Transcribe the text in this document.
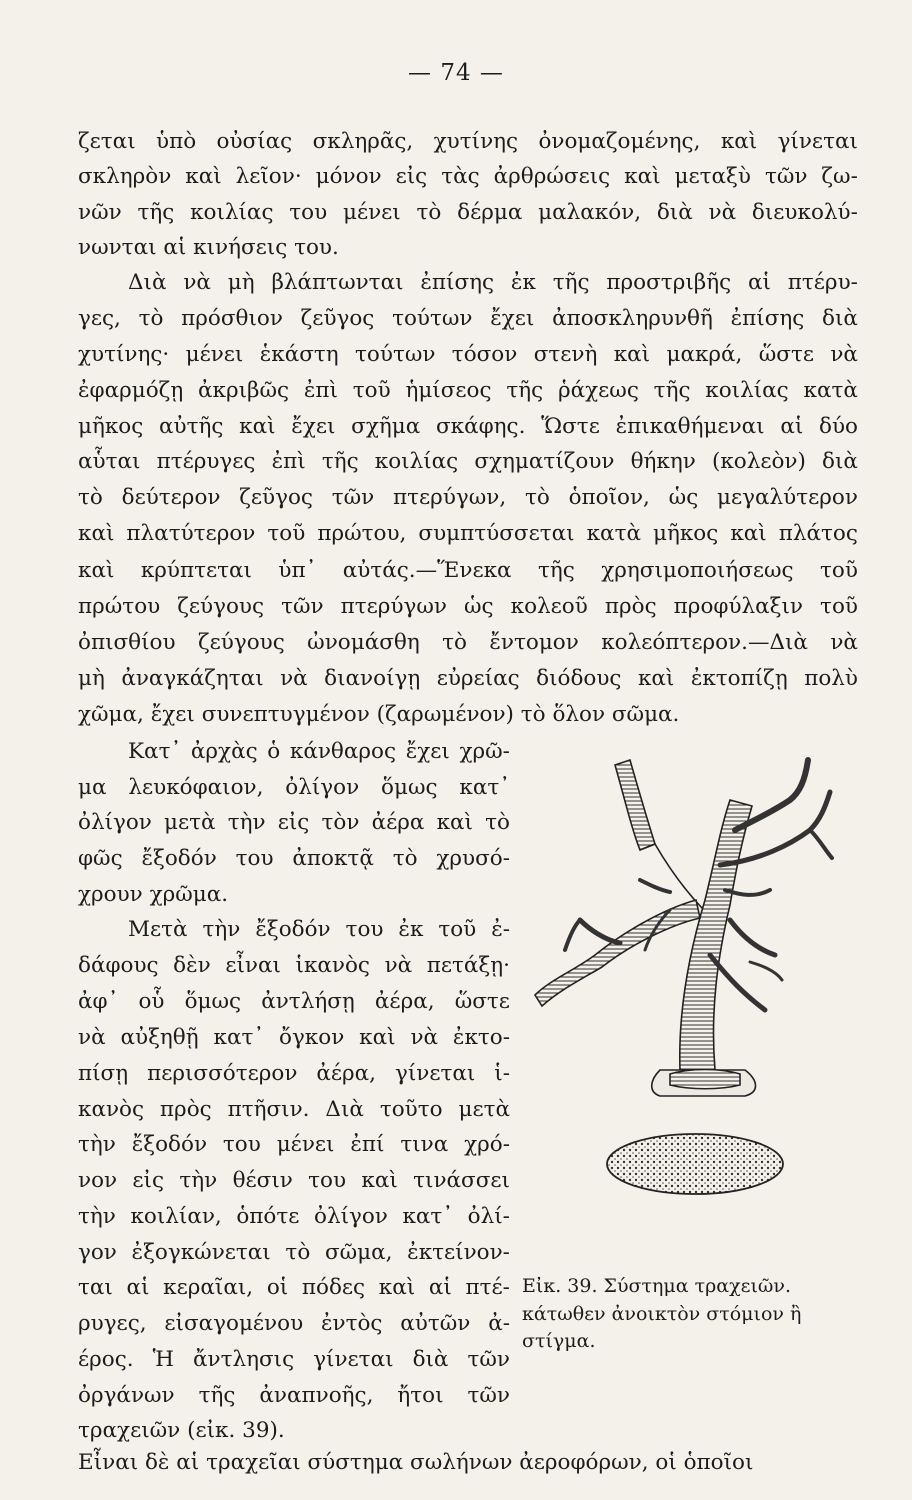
— 74 —
ζεται ὑπὸ οὐσίας σκληρᾶς, χυτίνης ὀνομαζομένης, καὶ γίνεται
σκληρὸν καὶ λεῖον· μόνον εἰς τὰς ἀρθρώσεις καὶ μεταξὺ τῶν ζω-
νῶν τῆς κοιλίας του μένει τὸ δέρμα μαλακόν, διὰ νὰ διευκολύ-
νωνται αἱ κινήσεις του.
Διὰ νὰ μὴ βλάπτωνται ἐπίσης ἐκ τῆς προστριβῆς αἱ πτέρυ-
γες, τὸ πρόσθιον ζεῦγος τούτων ἔχει ἀποσκληρυνθῆ ἐπίσης διὰ
χυτίνης· μένει ἑκάστη τούτων τόσον στενὴ καὶ μακρά, ὥστε νὰ
ἐφαρμόζῃ ἀκριβῶς ἐπὶ τοῦ ἡμίσεος τῆς ῥάχεως τῆς κοιλίας κατὰ
μῆκος αὐτῆς καὶ ἔχει σχῆμα σκάφης. Ὥστε ἐπικαθήμεναι αἱ δύο
αὗται πτέρυγες ἐπὶ τῆς κοιλίας σχηματίζουν θήκην (κολεὸν) διὰ
τὸ δεύτερον ζεῦγος τῶν πτερύγων, τὸ ὁποῖον, ὡς μεγαλύτερον
καὶ πλατύτερον τοῦ πρώτου, συμπτύσσεται κατὰ μῆκος καὶ πλάτος
καὶ κρύπτεται ὑπ᾽ αὐτάς.—Ἕνεκα τῆς χρησιμοποιήσεως τοῦ
πρώτου ζεύγους τῶν πτερύγων ὡς κολεοῦ πρὸς προφύλαξιν τοῦ
ὀπισθίου ζεύγους ὠνομάσθη τὸ ἔντομον κολεόπτερον.—Διὰ νὰ
μὴ ἀναγκάζηται νὰ διανοίγῃ εὐρείας διόδους καὶ ἐκτοπίζῃ πολὺ
χῶμα, ἔχει συνεπτυγμένον (ζαρωμένον) τὸ ὅλον σῶμα.
Κατ᾽ ἀρχὰς ὁ κάνθαρος ἔχει χρῶ-
μα λευκόφαιον, ὀλίγον ὅμως κατ᾽
ὀλίγον μετὰ τὴν εἰς τὸν ἀέρα καὶ τὸ
φῶς ἔξοδόν του ἀποκτᾷ τὸ χρυσό-
χρουν χρῶμα.
Μετὰ τὴν ἔξοδόν του ἐκ τοῦ ἐ-
δάφους δὲν εἶναι ἱκανὸς νὰ πετάξῃ·
ἀφ᾽ οὗ ὅμως ἀντλήσῃ ἀέρα, ὥστε
νὰ αὐξηθῇ κατ᾽ ὄγκον καὶ νὰ ἐκτο-
πίσῃ περισσότερον ἀέρα, γίνεται ἱ-
κανὸς πρὸς πτῆσιν. Διὰ τοῦτο μετὰ
τὴν ἔξοδόν του μένει ἐπί τινα χρό-
νον εἰς τὴν θέσιν του καὶ τινάσσει
τὴν κοιλίαν, ὁπότε ὀλίγον κατ᾽ ὀλί-
γον ἐξογκώνεται τὸ σῶμα, ἐκτείνον-
ται αἱ κεραῖαι, οἱ πόδες καὶ αἱ πτέ-
ρυγες, εἰσαγομένου ἐντὸς αὐτῶν ἀ-
έρος. Ἡ ἄντλησις γίνεται διὰ τῶν
ὀργάνων τῆς ἀναπνοῆς, ἤτοι τῶν
τραχειῶν (εἰκ. 39).
Εἶναι δὲ αἱ τραχεῖαι σύστημα σωλήνων ἀεροφόρων, οἱ ὁποῖοι
Εἰκ. 39. Σύστημα τραχειῶν.
κάτωθεν ἀνοικτὸν στόμιον ἢ
στίγμα.
